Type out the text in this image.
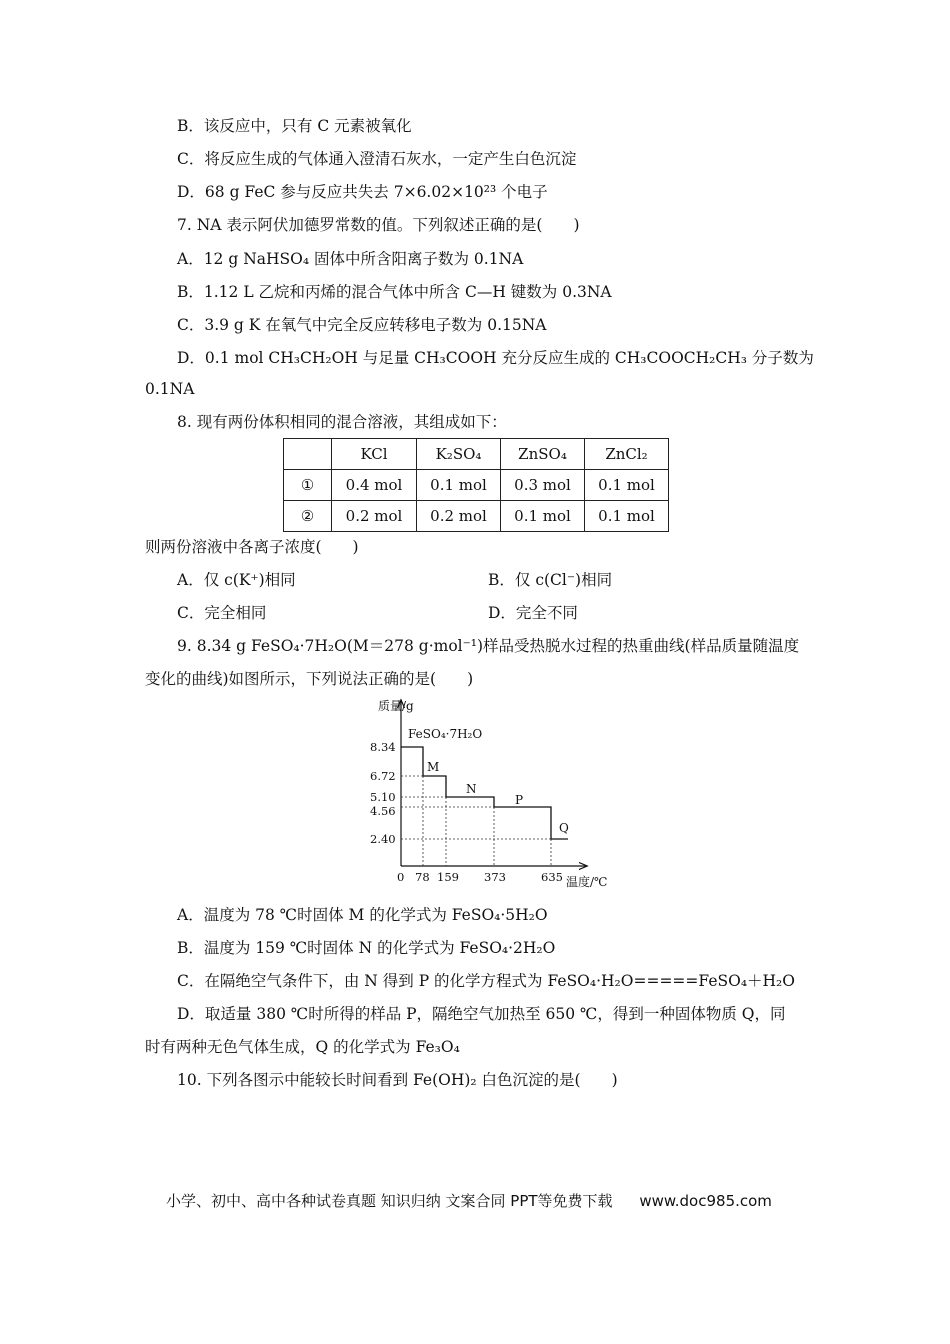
B．该反应中，只有 C 元素被氧化
C．将反应生成的气体通入澄清石灰水，一定产生白色沉淀
D．68 g FeC 参与反应共失去 7×6.02×10²³ 个电子
7. NA 表示阿伏加德罗常数的值。下列叙述正确的是(　　)
A．12 g NaHSO₄ 固体中所含阳离子数为 0.1NA
B．1.12 L 乙烷和丙烯的混合气体中所含 C—H 键数为 0.3NA
C．3.9 g K 在氧气中完全反应转移电子数为 0.15NA
D．0.1 mol CH₃CH₂OH 与足量 CH₃COOH 充分反应生成的 CH₃COOCH₂CH₃ 分子数为
0.1NA
8. 现有两份体积相同的混合溶液，其组成如下：
	KCl	K₂SO₄	ZnSO₄	ZnCl₂
①	0.4 mol	0.1 mol	0.3 mol	0.1 mol
②	0.2 mol	0.2 mol	0.1 mol	0.1 mol
则两份溶液中各离子浓度(　　)
A．仅 c(K⁺)相同	B．仅 c(Cl⁻)相同
C．完全相同	D．完全不同
9. 8.34 g FeSO₄·7H₂O(M＝278 g·mol⁻¹)样品受热脱水过程的热重曲线(样品质量随温度
变化的曲线)如图所示，下列说法正确的是(　　)
质量/g
温度/℃
8.34
6.72
5.10
4.56
2.40
0 78 159 373	635
FeSO₄·7H₂O
M
N
P
Q
A．温度为 78 ℃时固体 M 的化学式为 FeSO₄·5H₂O
B．温度为 159 ℃时固体 N 的化学式为 FeSO₄·2H₂O
C．在隔绝空气条件下，由 N 得到 P 的化学方程式为 FeSO₄·H₂O=====FeSO₄＋H₂O
D．取适量 380 ℃时所得的样品 P，隔绝空气加热至 650 ℃，得到一种固体物质 Q，同
时有两种无色气体生成，Q 的化学式为 Fe₃O₄
10. 下列各图示中能较长时间看到 Fe(OH)₂ 白色沉淀的是(　　)
小学、初中、高中各种试卷真题 知识归纳 文案合同 PPT等免费下载 www.doc985.com
